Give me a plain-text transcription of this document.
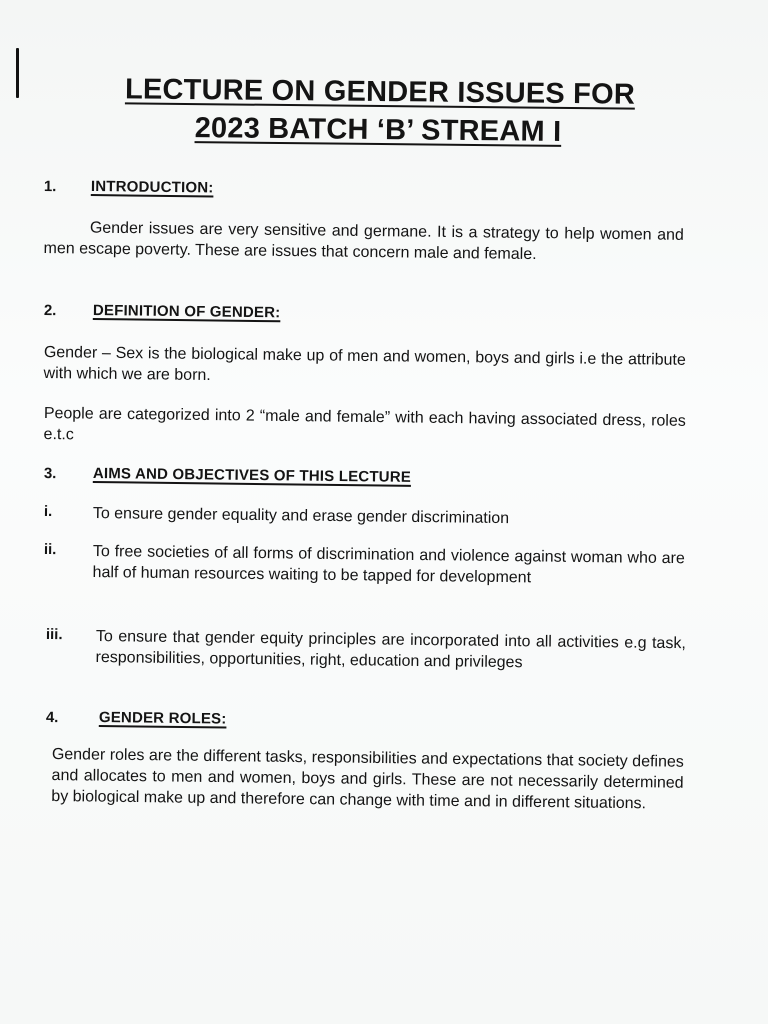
LECTURE ON GENDER ISSUES FOR
2023 BATCH ‘B’ STREAM I
1. INTRODUCTION:
Gender issues are very sensitive and germane. It is a strategy to help women and men escape poverty. These are issues that concern male and female.
2. DEFINITION OF GENDER:
Gender – Sex is the biological make up of men and women, boys and girls i.e the attribute with which we are born.
People are categorized into 2 “male and female” with each having associated dress, roles e.t.c
3. AIMS AND OBJECTIVES OF THIS LECTURE
i.	To ensure gender equality and erase gender discrimination
ii. To free societies of all forms of discrimination and violence against woman who are half of human resources waiting to be tapped for development
iii. To ensure that gender equity principles are incorporated into all activities e.g task, responsibilities, opportunities, right, education and privileges
4.	GENDER ROLES:
Gender roles are the different tasks, responsibilities and expectations that society defines and allocates to men and women, boys and girls. These are not necessarily determined by biological make up and therefore can change with time and in different situations.
